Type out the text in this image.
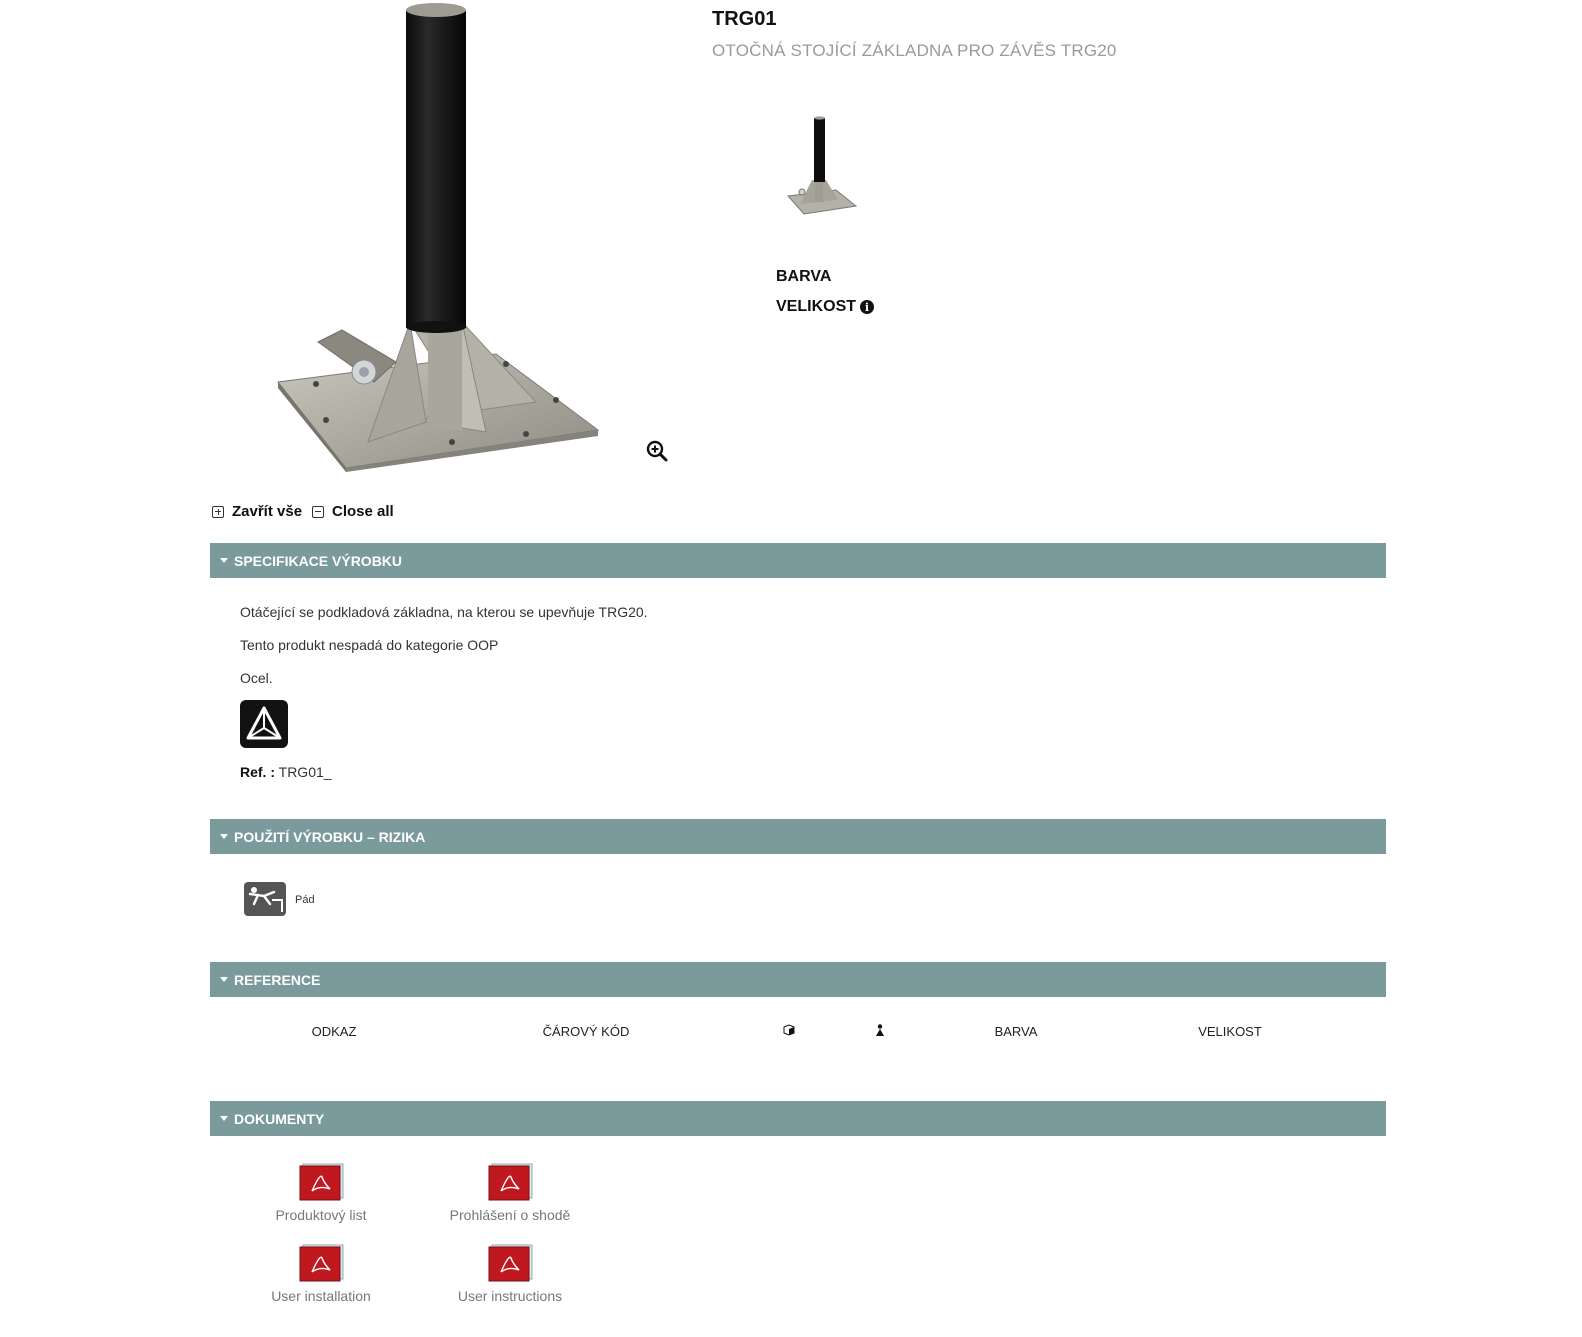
TRG01
OTOČNÁ STOJÍCÍ ZÁKLADNA PRO ZÁVĚS TRG20
BARVA
VELIKOST i
Zavřít vše Close all
SPECIFIKACE VÝROBKU
Otáčející se podkladová základna, na kterou se upevňuje TRG20.
Tento produkt nespadá do kategorie OOP
Ocel.
Ref. : TRG01_
POUŽITÍ VÝROBKU – RIZIKA
Pád
REFERENCE
ODKAZ	ČÁROVÝ KÓD	BARVA	VELIKOST
DOKUMENTY
Produktový list	Prohlášení o shodě
User installation	User instructions
